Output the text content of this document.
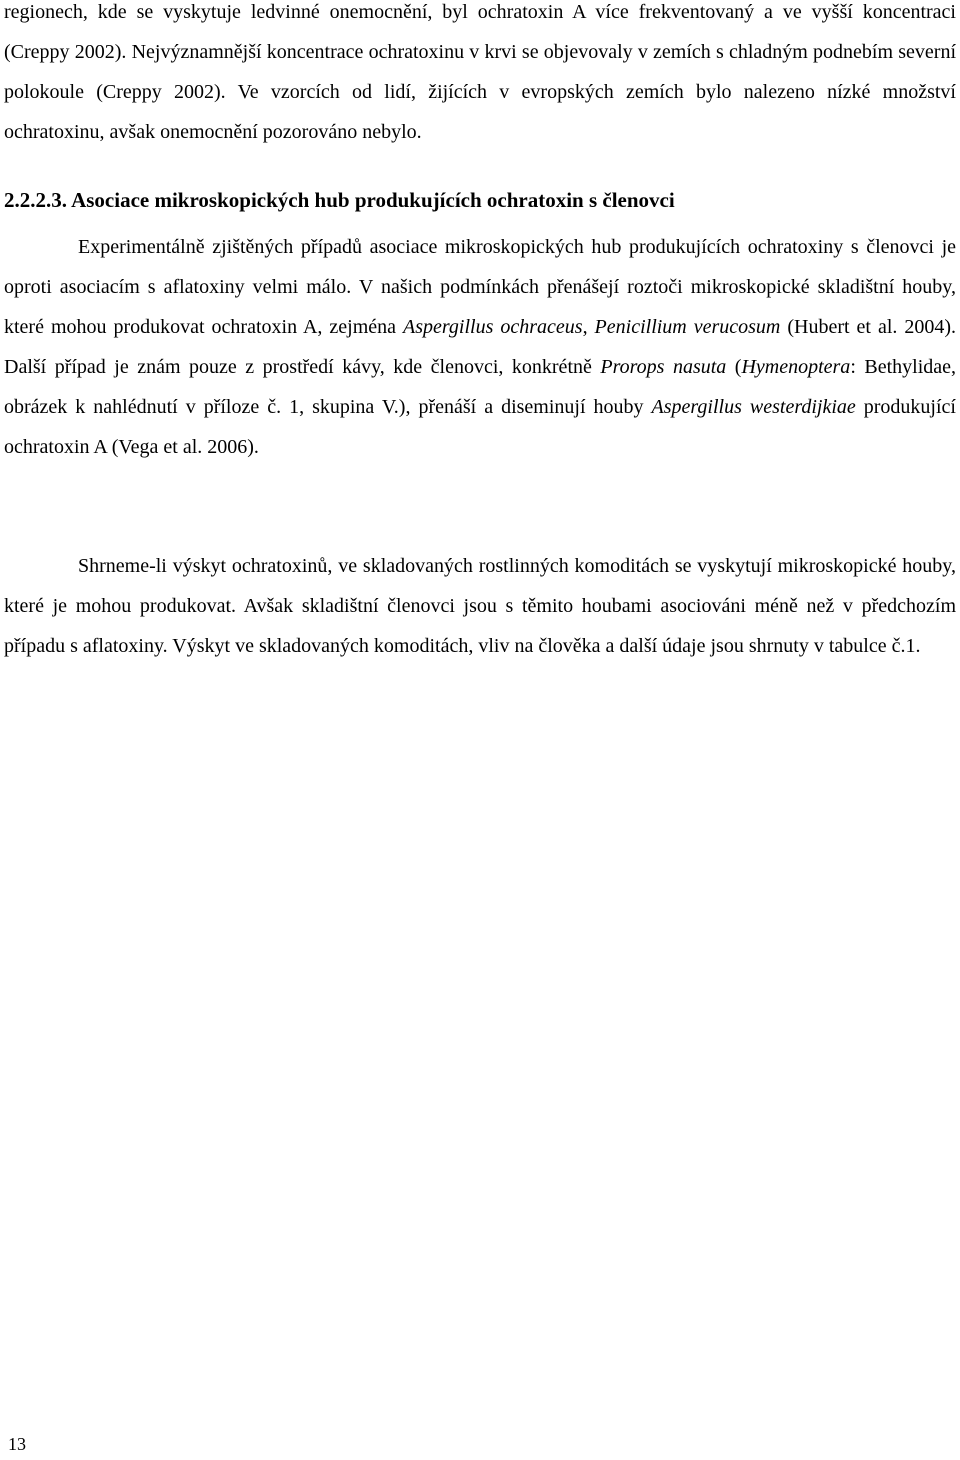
regionech, kde se vyskytuje ledvinné onemocnění, byl ochratoxin A více frekventovaný a ve vyšší koncentraci (Creppy 2002). Nejvýznamnější koncentrace ochratoxinu v krvi se objevovaly v zemích s chladným podnebím severní polokoule (Creppy 2002). Ve vzorcích od lidí, žijících v evropských zemích bylo nalezeno nízké množství ochratoxinu, avšak onemocnění pozorováno nebylo.

2.2.2.3. Asociace mikroskopických hub produkujících ochratoxin s členovci

Experimentálně zjištěných případů asociace mikroskopických hub produkujících ochratoxiny s členovci je oproti asociacím s aflatoxiny velmi málo. V našich podmínkách přenášejí roztoči mikroskopické skladištní houby, které mohou produkovat ochratoxin A, zejména Aspergillus ochraceus, Penicillium verucosum (Hubert et al. 2004). Další případ je znám pouze z prostředí kávy, kde členovci, konkrétně Prorops nasuta (Hymenoptera: Bethylidae, obrázek k nahlédnutí v příloze č. 1, skupina V.), přenáší a diseminují houby Aspergillus westerdijkiae produkující ochratoxin A (Vega et al. 2006).

Shrneme-li výskyt ochratoxinů, ve skladovaných rostlinných komoditách se vyskytují mikroskopické houby, které je mohou produkovat. Avšak skladištní členovci jsou s těmito houbami asociováni méně než v předchozím případu s aflatoxiny. Výskyt ve skladovaných komoditách, vliv na člověka a další údaje jsou shrnuty v tabulce č.1.

13
